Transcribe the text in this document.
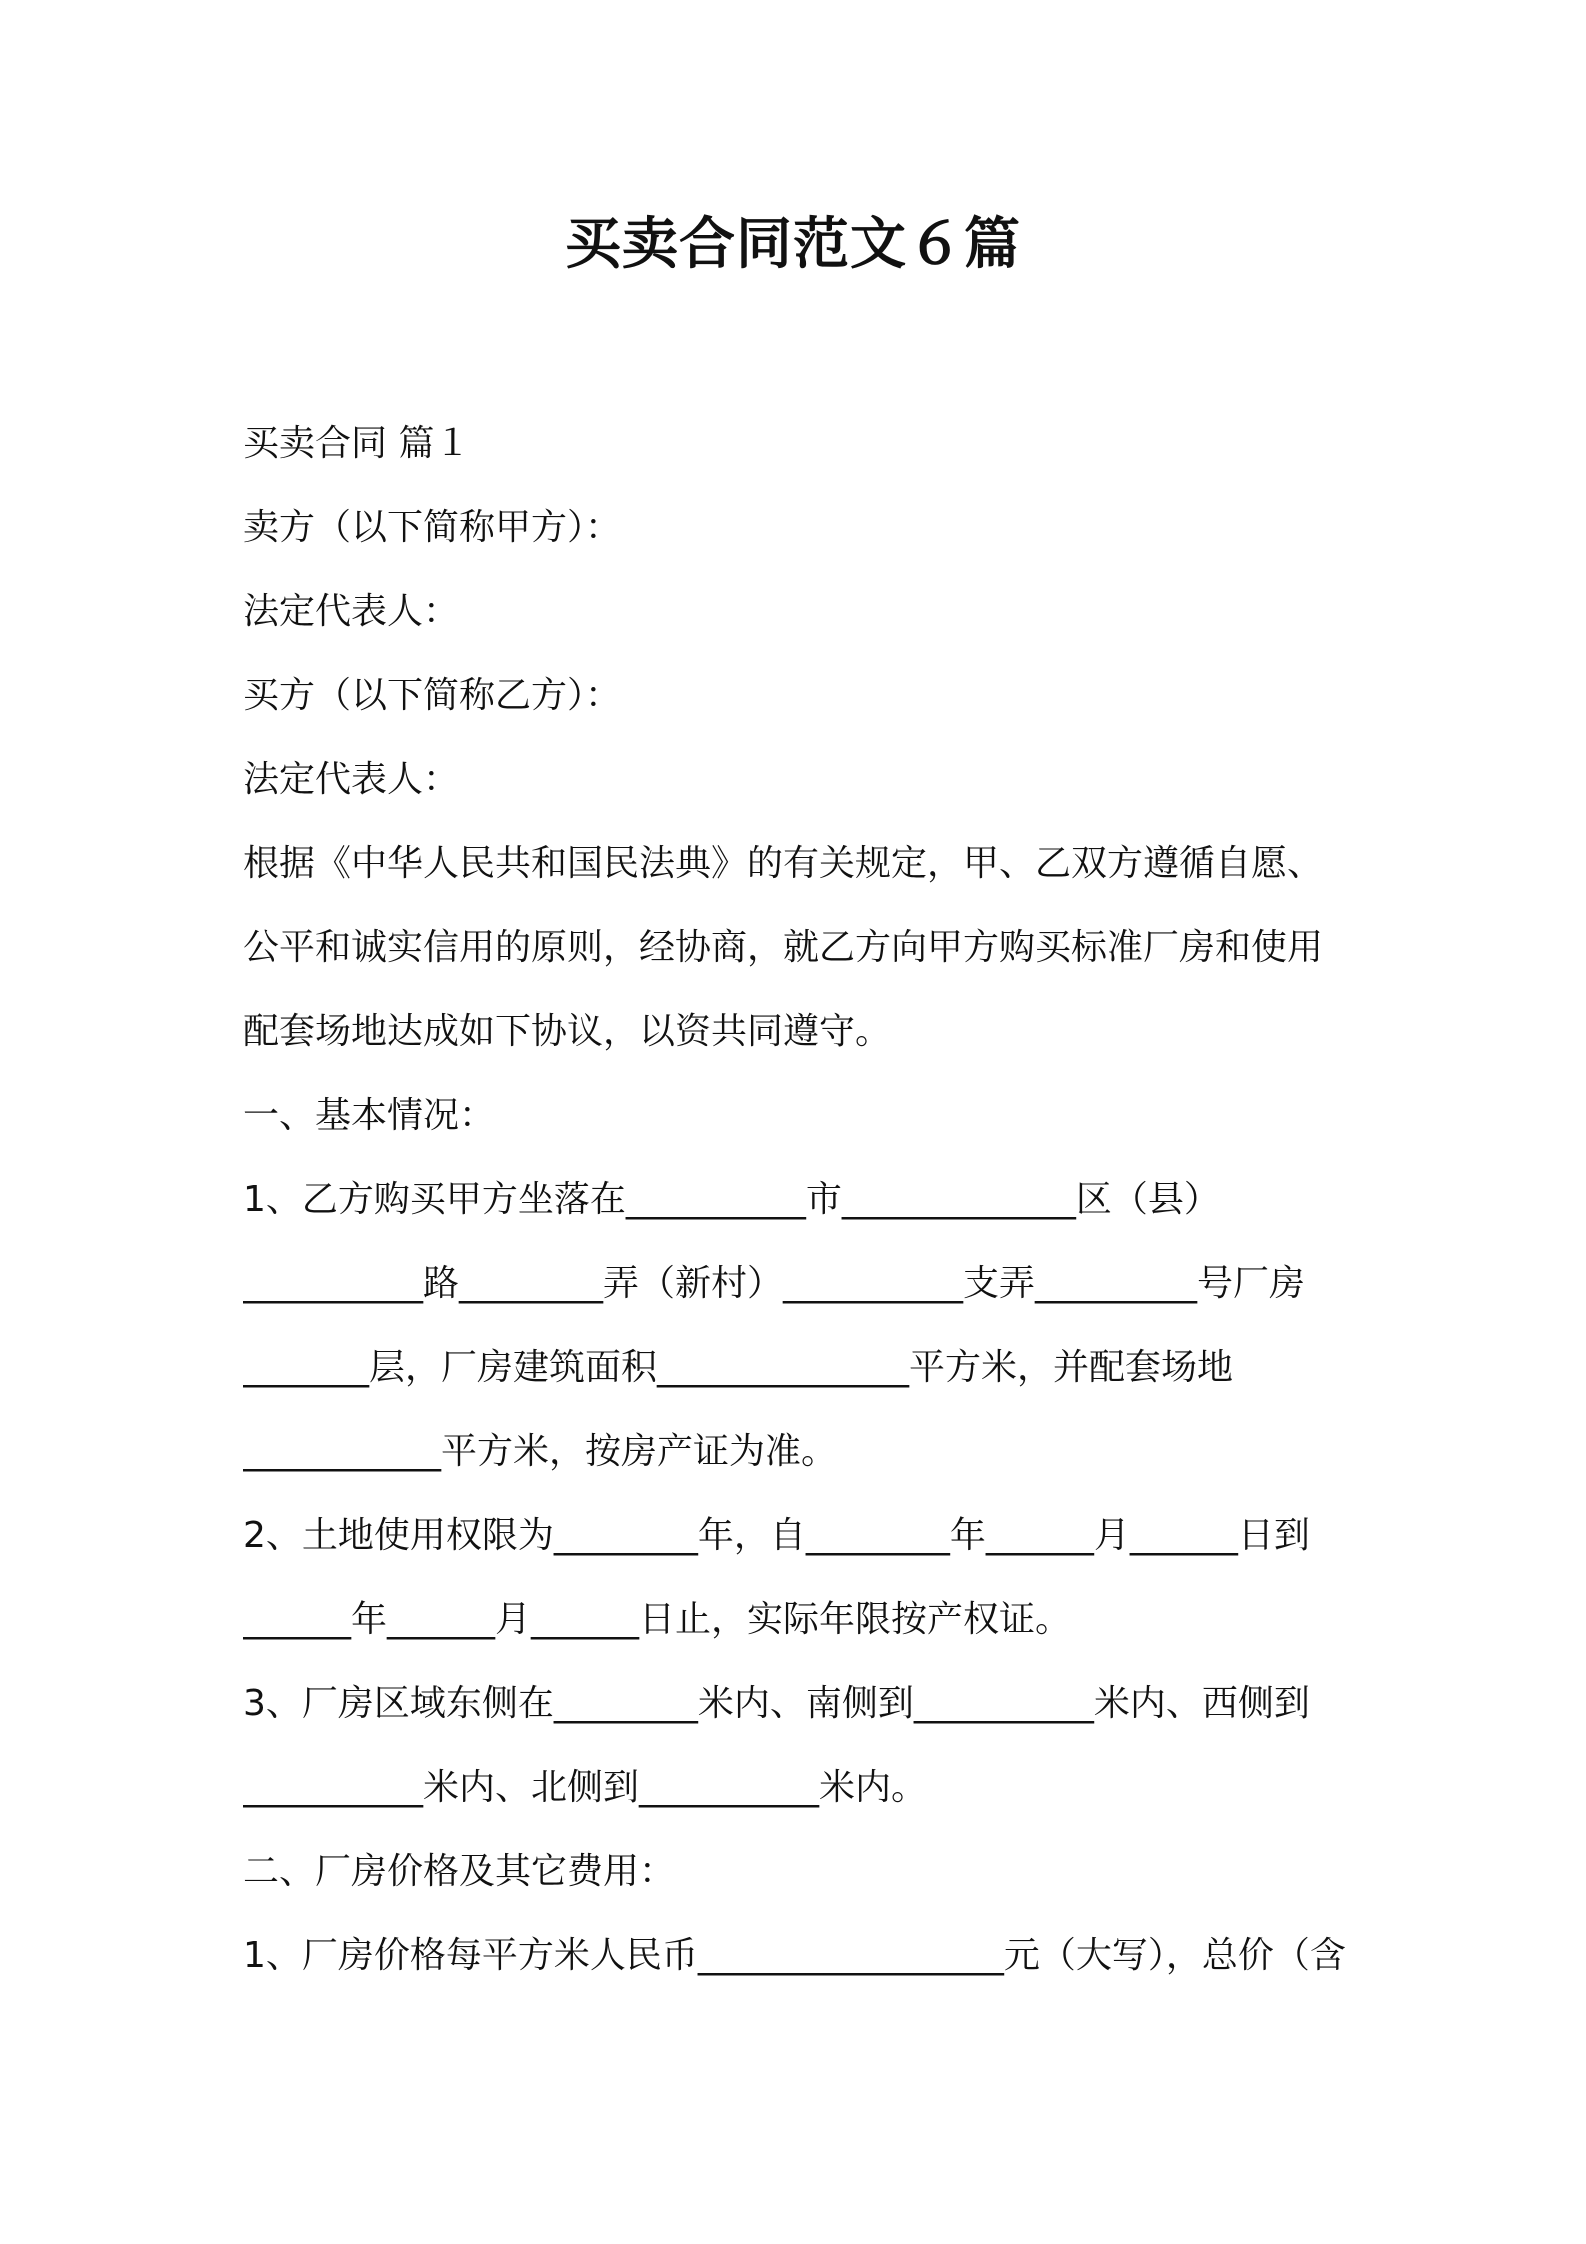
买卖合同范文６篇
买卖合同 篇１
卖方（以下简称甲方）：
法定代表人：
买方（以下简称乙方）：
法定代表人：
根据《中华人民共和国民法典》的有关规定，甲、乙双方遵循自愿、
公平和诚实信用的原则，经协商，就乙方向甲方购买标准厂房和使用
配套场地达成如下协议，以资共同遵守。
一、基本情况：
1、乙方购买甲方坐落在__________市_____________区（县）
__________路________弄（新村）__________支弄_________号厂房
_______层，厂房建筑面积______________平方米，并配套场地
___________平方米，按房产证为准。
2、土地使用权限为________年，自________年______月______日到
______年______月______日止，实际年限按产权证。
3、厂房区域东侧在________米内、南侧到__________米内、西侧到
__________米内、北侧到__________米内。
二、厂房价格及其它费用：
1、厂房价格每平方米人民币_________________元（大写），总价（含
